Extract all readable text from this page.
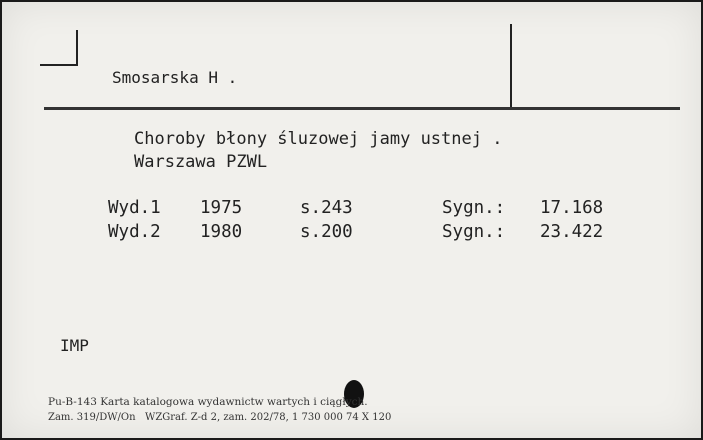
Smosarska H .
Choroby błony śluzowej jamy ustnej .
Warszawa PZWL
Wyd.1 1975	s.243	Sygn.: 17.168
Wyd.2 1980	s.200	Sygn.: 23.422
IMP
Pu-B-143 Karta katalogowa wydawnictw wartych i ciągłych.
Zam. 319/DW/On   WZGraf. Z-d 2, zam. 202/78, 1 730 000 74 X 120
